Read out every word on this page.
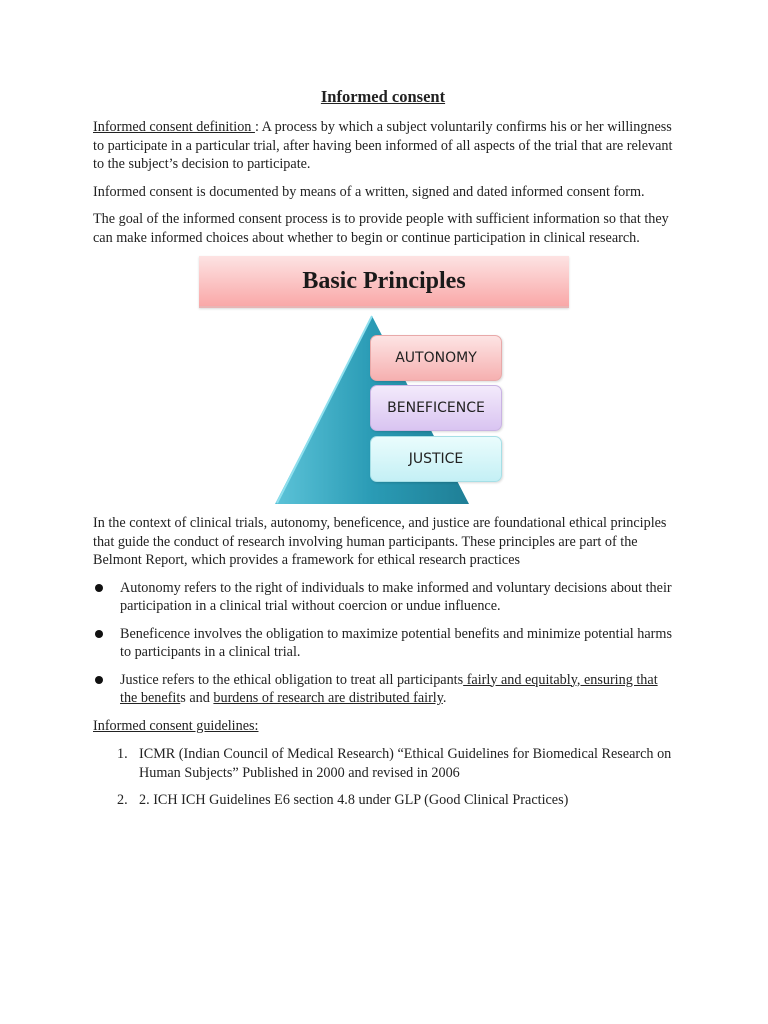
Informed consent

Informed consent definition : A process by which a subject voluntarily confirms his or her willingness to participate in a particular trial, after having been informed of all aspects of the trial that are relevant to the subject’s decision to participate.

Informed consent is documented by means of a written, signed and dated informed consent form.

The goal of the informed consent process is to provide people with sufficient information so that they can make informed choices about whether to begin or continue participation in clinical research.

Basic Principles
AUTONOMY
BENEFICENCE
JUSTICE

In the context of clinical trials, autonomy, beneficence, and justice are foundational ethical principles that guide the conduct of research involving human participants. These principles are part of the Belmont Report, which provides a framework for ethical research practices

Autonomy refers to the right of individuals to make informed and voluntary decisions about their participation in a clinical trial without coercion or undue influence.
Beneficence involves the obligation to maximize potential benefits and minimize potential harms to participants in a clinical trial.
Justice refers to the ethical obligation to treat all participants fairly and equitably, ensuring that the benefits and burdens of research are distributed fairly.

Informed consent guidelines:

1. ICMR (Indian Council of Medical Research) “Ethical Guidelines for Biomedical Research on Human Subjects” Published in 2000 and revised in 2006
2. 2. ICH ICH Guidelines E6 section 4.8 under GLP (Good Clinical Practices)
